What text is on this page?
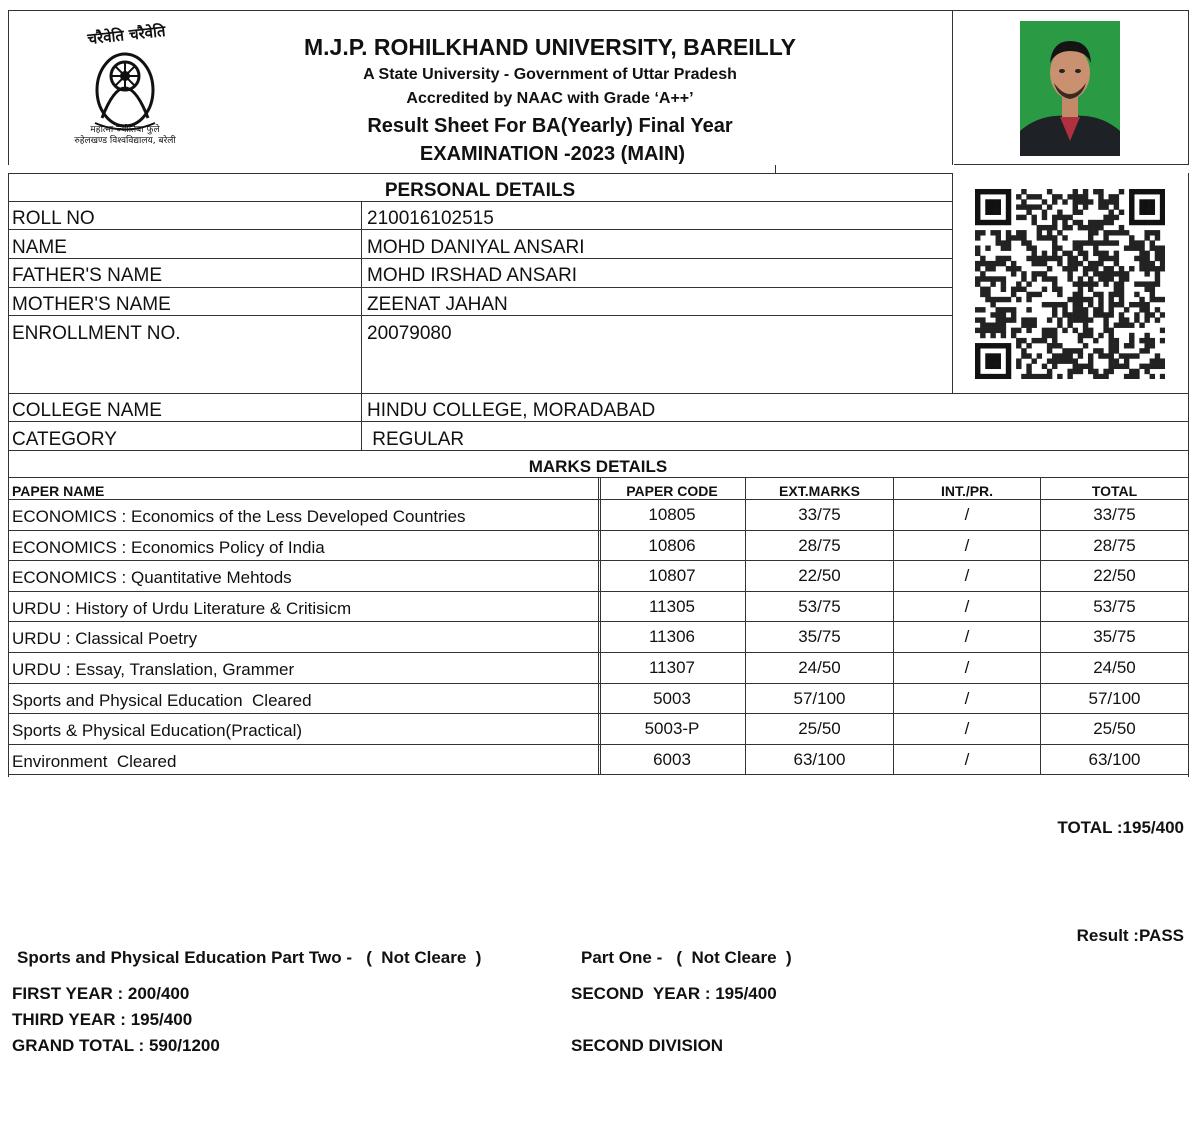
चरैवेति चरैवेति
महात्मा ज्योतिबा फुले
रुहेलखण्ड विश्वविद्यालय, बरेली
M.J.P. ROHILKHAND UNIVERSITY, BAREILLY
A State University - Government of Uttar Pradesh
Accredited by NAAC with Grade ‘A++’
Result Sheet For BA(Yearly) Final Year
EXAMINATION -2023 (MAIN)
PERSONAL DETAILS
ROLL NO	210016102515
NAME	MOHD DANIYAL ANSARI
FATHER'S NAME	MOHD IRSHAD ANSARI
MOTHER'S NAME	ZEENAT JAHAN
ENROLLMENT NO.	20079080
COLLEGE NAME	HINDU COLLEGE, MORADABAD
CATEGORY	REGULAR
MARKS DETAILS
PAPER NAME	PAPER CODE	EXT.MARKS	INT./PR.	TOTAL
ECONOMICS : Economics of the Less Developed Countries	10805	33/75	/	33/75
ECONOMICS : Economics Policy of India	10806	28/75	/	28/75
ECONOMICS : Quantitative Mehtods	10807	22/50	/	22/50
URDU : History of Urdu Literature & Critisicm	11305	53/75	/	53/75
URDU : Classical Poetry	11306	35/75	/	35/75
URDU : Essay, Translation, Grammer	11307	24/50	/	24/50
Sports and Physical Education  Cleared	5003	57/100	/	57/100
Sports & Physical Education(Practical)	5003-P	25/50	/	25/50
Environment  Cleared	6003	63/100	/	63/100
TOTAL :195/400
Result :PASS
Sports and Physical Education Part Two -   (  Not Cleare  )	Part One -   (  Not Cleare  )
FIRST YEAR : 200/400	SECOND  YEAR : 195/400
THIRD YEAR : 195/400
GRAND TOTAL : 590/1200	SECOND DIVISION
